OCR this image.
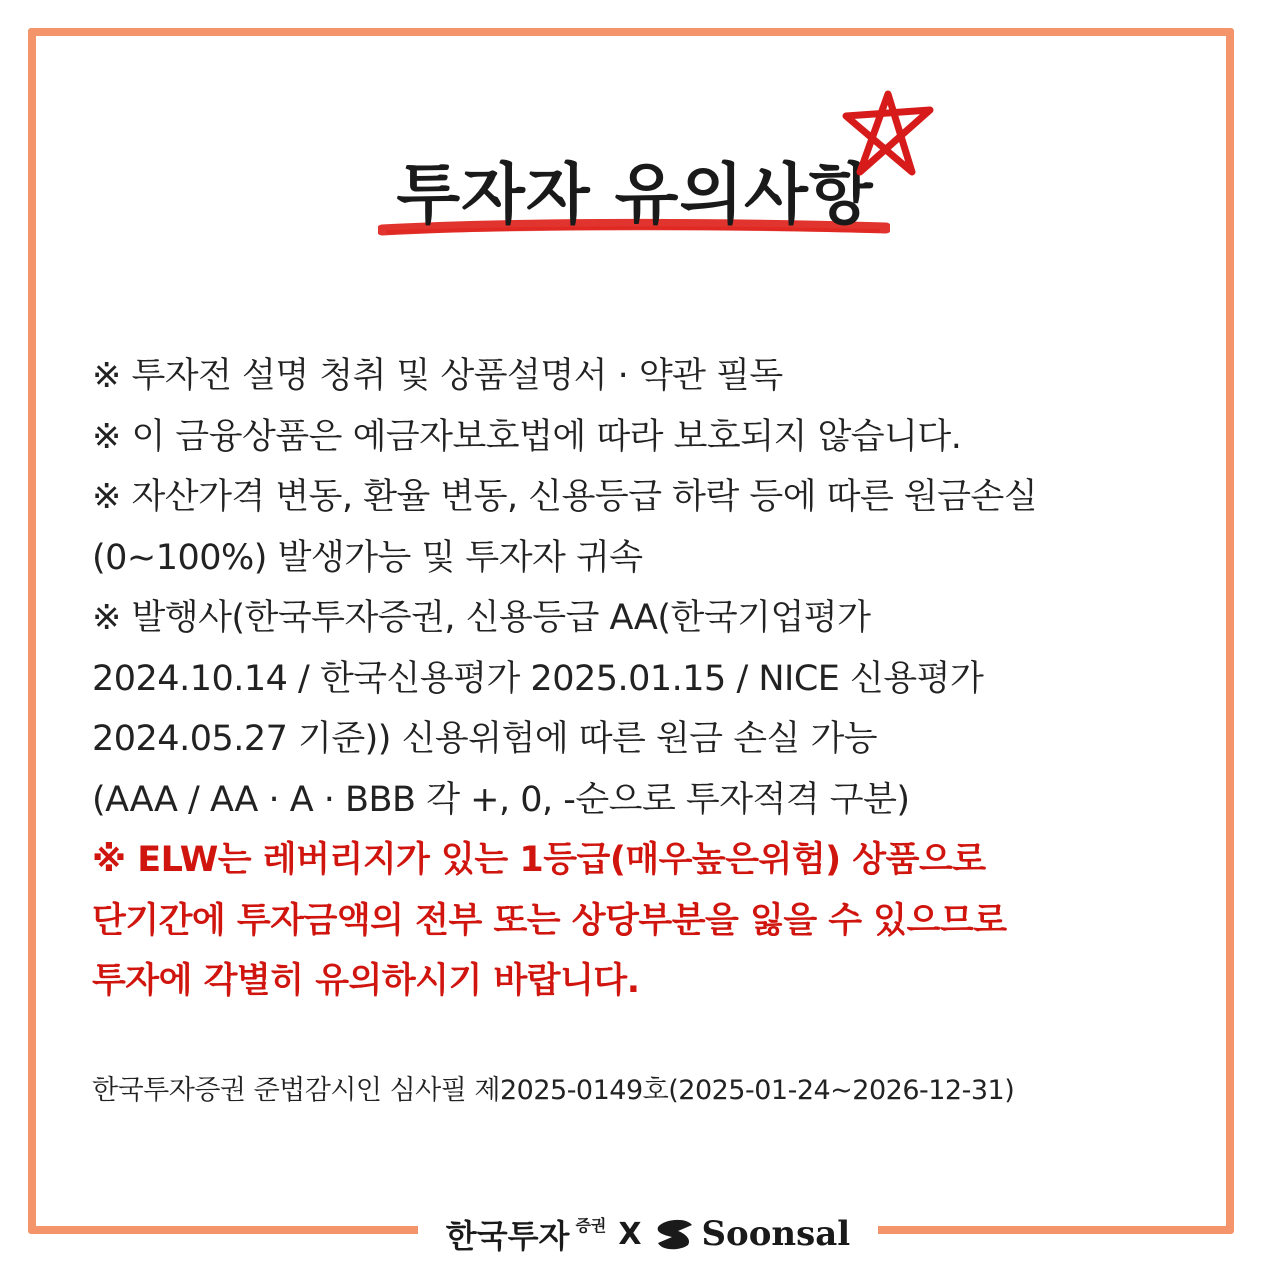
투자자 유의사항

※ 투자전 설명 청취 및 상품설명서 · 약관 필독

※ 이 금융상품은 예금자보호법에 따라 보호되지 않습니다.

※ 자산가격 변동, 환율 변동, 신용등급 하락 등에 따른 원금손실

(0~100%) 발생가능 및 투자자 귀속

※ 발행사(한국투자증권, 신용등급 AA(한국기업평가

2024.10.14 / 한국신용평가 2025.01.15 / NICE 신용평가

2024.05.27 기준)) 신용위험에 따른 원금 손실 가능

(AAA / AA · A · BBB 각 +, 0, -순으로 투자적격 구분)

※ ELW는 레버리지가 있는 1등급(매우높은위험) 상품으로

단기간에 투자금액의 전부 또는 상당부분을 잃을 수 있으므로

투자에 각별히 유의하시기 바랍니다.

한국투자증권 준법감시인 심사필 제2025-0149호(2025-01-24~2026-12-31)
한국투자 증권 X Soonsal
